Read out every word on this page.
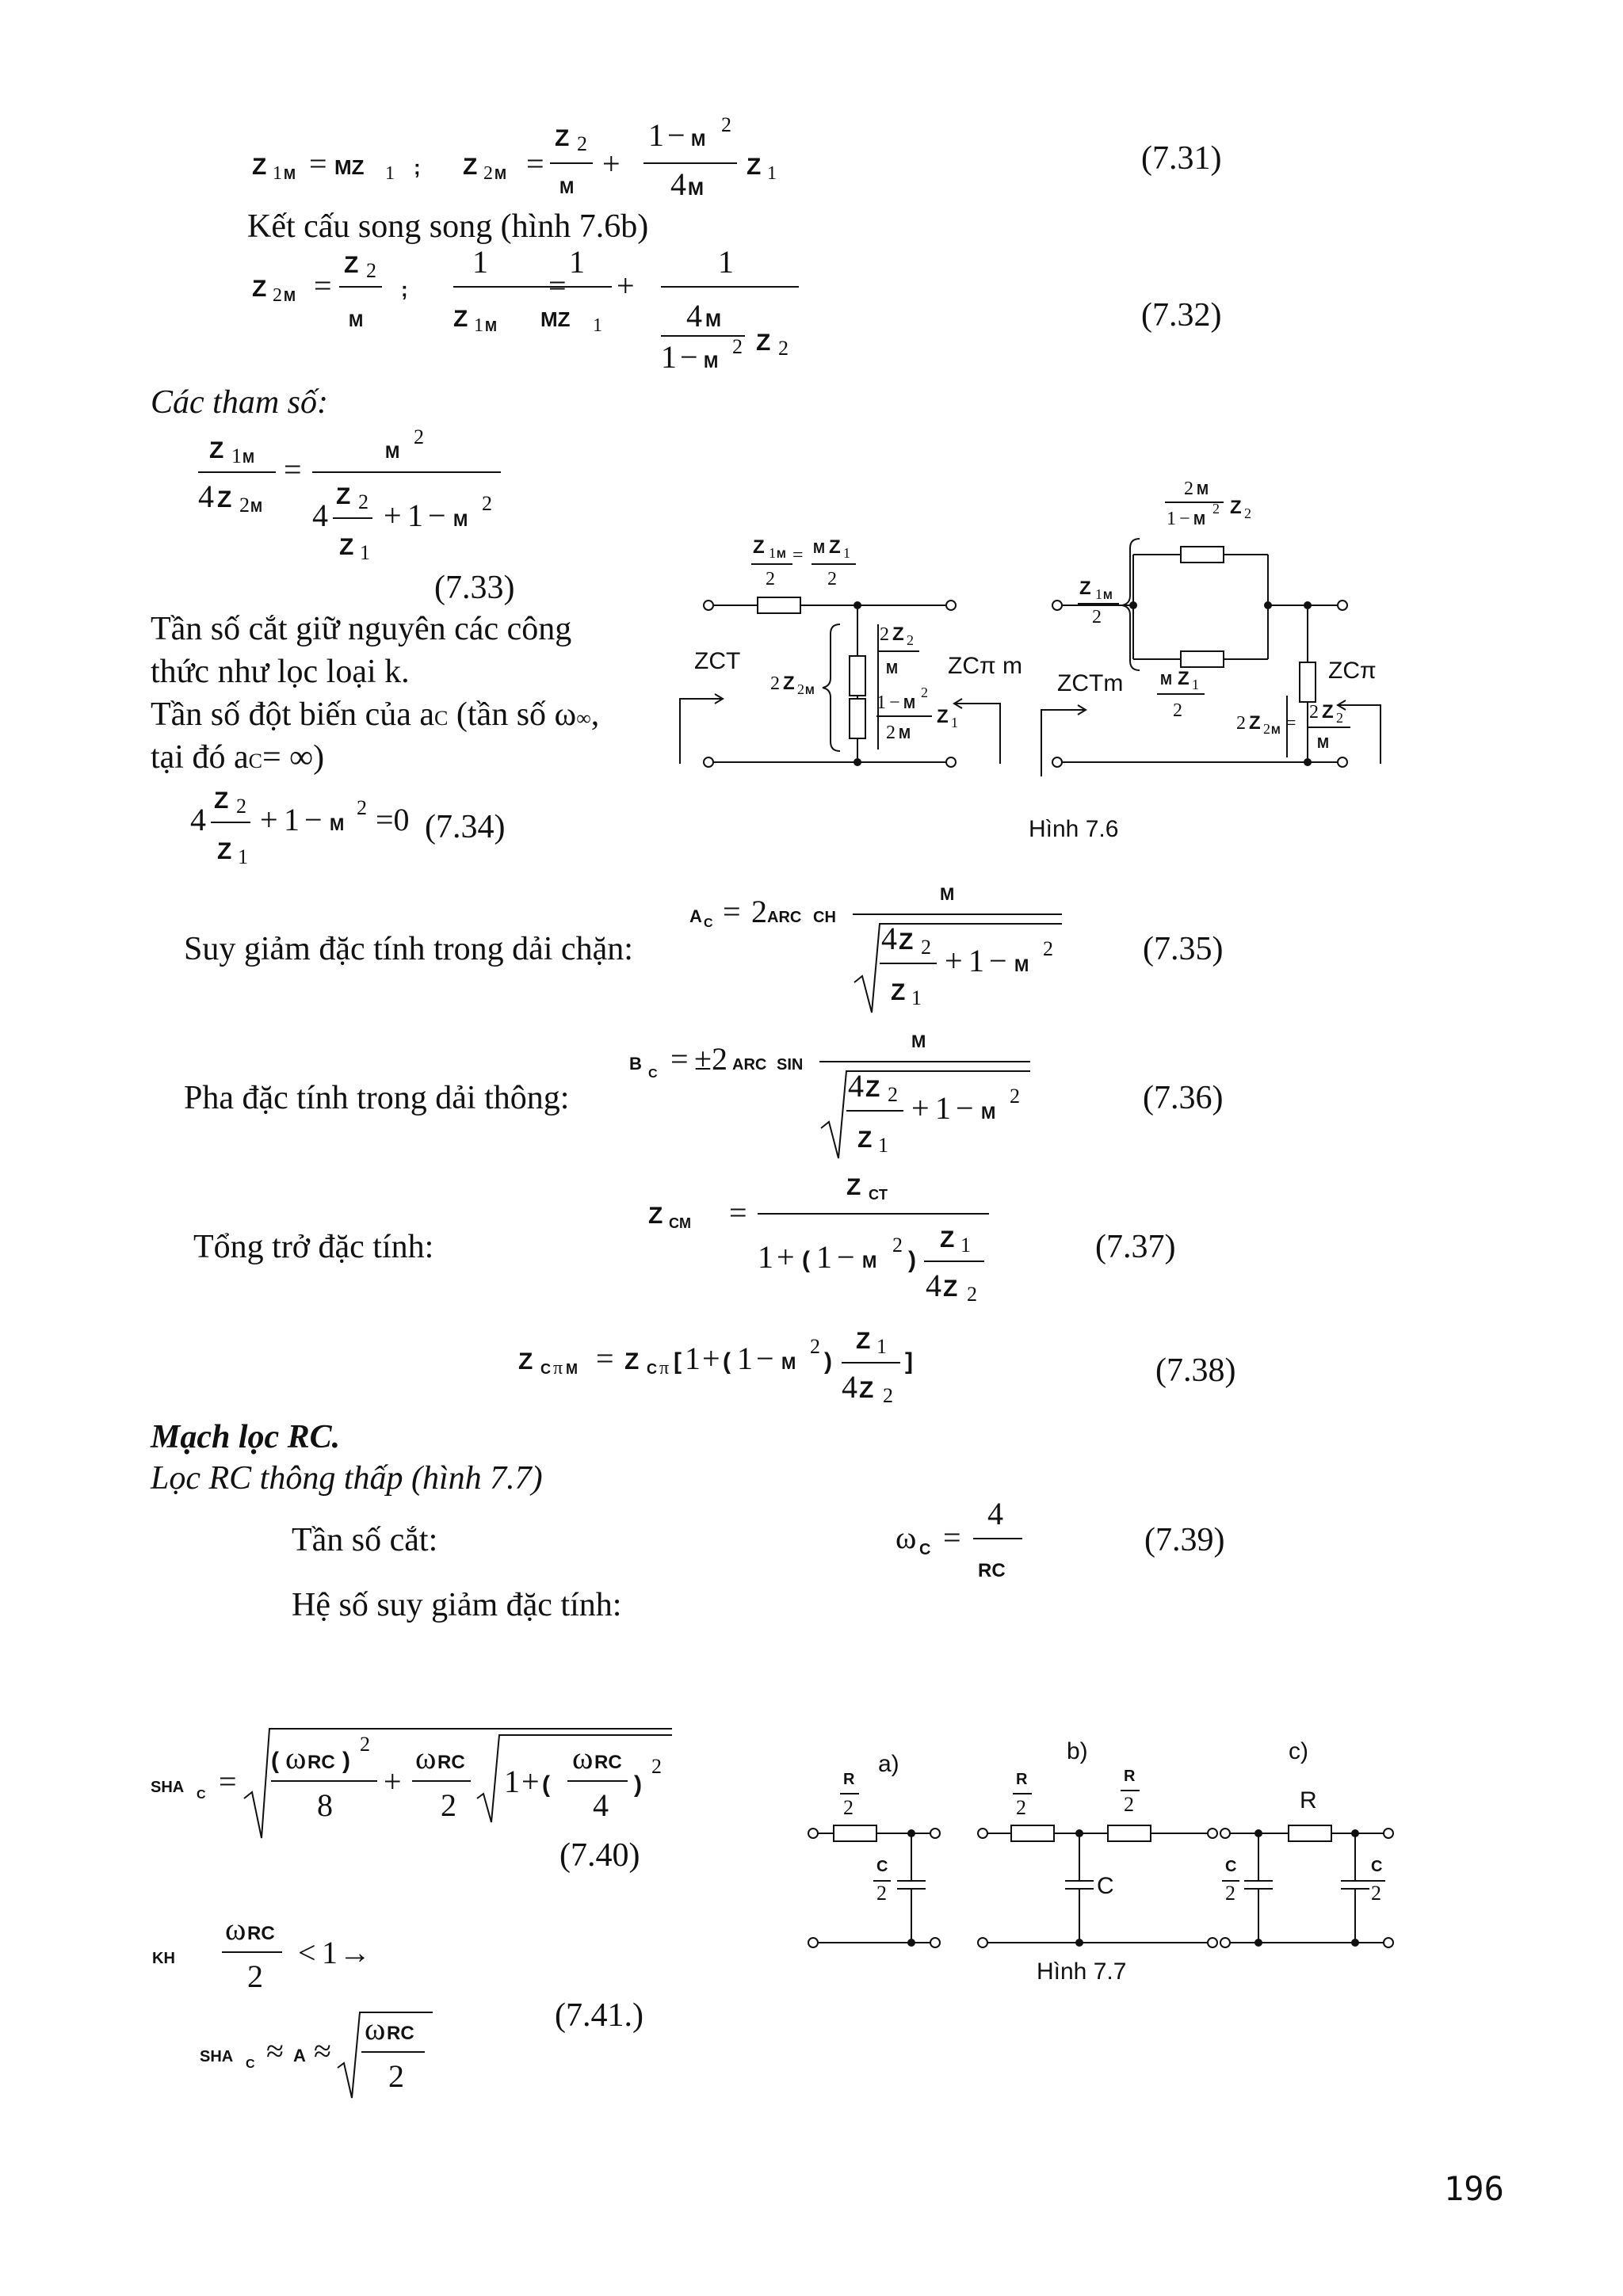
Kết cấu song song (hình 7.6b)
Các tham số:
Tần số cắt giữ nguyên các công
thức như lọc loại k.
Tần số đột biến của aC (tần số ω∞,
tại đó aC= ∞)
Suy giảm đặc tính trong dải chặn:
Pha đặc tính trong dải thông:
Tổng trở đặc tính:
Mạch lọc RC.
Lọc RC thông thấp (hình 7.7)
Tần số cắt:
Hệ số suy giảm đặc tính:
(7.31)
(7.32)
(7.33)
(7.34)
(7.35)
(7.36)
(7.37)
(7.38)
(7.39)
(7.40)
(7.41.)
Z 1 M = MZ 1 ; Z 2 M =
Z 2
M
+
1 − M
2
4 M
Z 1
Z 2 M =
Z 2
M
;
1
Z 1 M
=
1
MZ 1
+
1
4 M
1 − M
2 Z 2
Z 1 M
4 Z 2 M
=	M
2
4
Z 2
Z 1
+ 1 − M
2
4
Z 2
Z 1
+ 1 − M
2 =0
A C = 2 ARC CH
M
4 Z 2
Z 1
+ 1 − M
2
B
C = ±2 ARC SIN
M
4 Z 2
Z 1
+ 1 − M
2
Z CM =
Z CT
1 + ( 1 − M
2
)
Z 1
4 Z 2
Z C π M = Z C π [ 1 + ( 1 − M
2
)
Z 1
4 Z 2
]
ω C =
4
RC
SHA C =
( ω RC )
2
8
+
ω RC
2
1 + (
ω RC
4
)
2
KH
ω RC
2
< 1 →
SHA C ≈ A ≈
ω RC
2
Z 1 M = M Z 1
2	2
2 Z 2
M
2 Z 2 M
1 − M
2
Z 1
2 M
ZCT	ZCπ m
2 M
1 − M
2 Z 2
Z 1 M
2
M Z 1
2
2 Z 2 M =
2 Z 2
M
ZCTm	ZCπ
Hình 7.6
a)	b)	c)
R
2
C
2
R
2
R
2
C
R
C
2
C
2
Hình 7.7
196
